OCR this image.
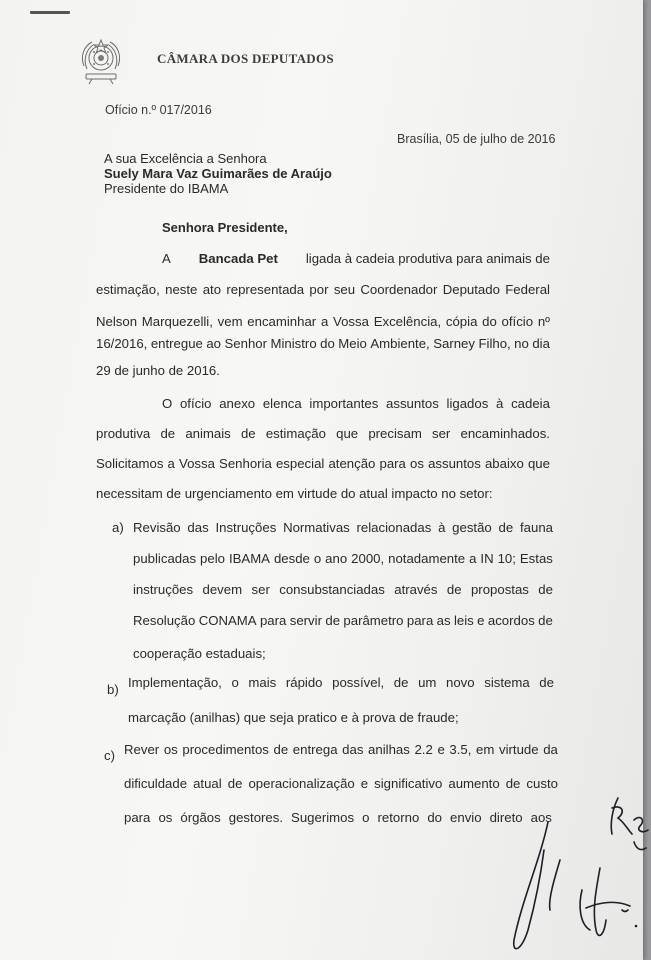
CÂMARA DOS DEPUTADOS
Ofício n.º 017/2016
Brasília, 05 de julho de 2016
A sua Excelência a Senhora
Suely Mara Vaz Guimarães de Araújo
Presidente do IBAMA
Senhora Presidente,
A Bancada Pet ligada à cadeia produtiva para animais de
estimação, neste ato representada por seu Coordenador Deputado Federal
Nelson Marquezelli, vem encaminhar a Vossa Excelência, cópia do ofício nº
16/2016, entregue ao Senhor Ministro do Meio Ambiente, Sarney Filho, no dia
29 de junho de 2016.
O ofício anexo elenca importantes assuntos ligados à cadeia
produtiva de animais de estimação que precisam ser encaminhados.
Solicitamos a Vossa Senhoria especial atenção para os assuntos abaixo que
necessitam de urgenciamento em virtude do atual impacto no setor:
a) Revisão das Instruções Normativas relacionadas à gestão de fauna
publicadas pelo IBAMA desde o ano 2000, notadamente a IN 10; Estas
instruções devem ser consubstanciadas através de propostas de
Resolução CONAMA para servir de parâmetro para as leis e acordos de
cooperação estaduais;
b) Implementação, o mais rápido possível, de um novo sistema de
marcação (anilhas) que seja pratico e à prova de fraude;
c) Rever os procedimentos de entrega das anilhas 2.2 e 3.5, em virtude da
dificuldade atual de operacionalização e significativo aumento de custo
para os órgãos gestores. Sugerimos o retorno do envio direto aos
